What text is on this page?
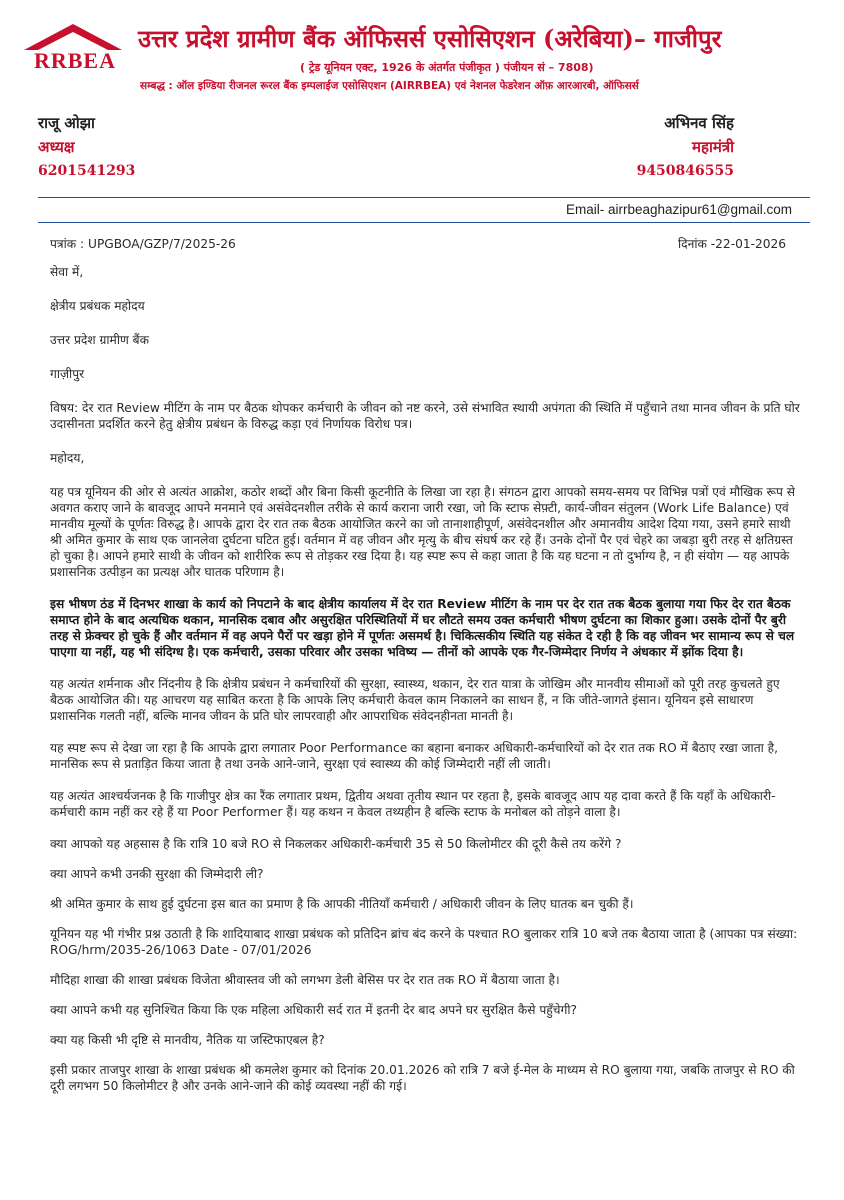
RRBEA
उत्तर प्रदेश ग्रामीण बैंक ऑफिसर्स एसोसिएशन (अरेबिया)– गाजीपुर
( ट्रेड यूनियन एक्ट, 1926 के अंतर्गत पंजीकृत ) पंजीयन सं – 7808)
सम्बद्ध : ऑल इण्डिया रीजनल रूरल बैंक इम्पलाईज एसोसिएशन (AIRRBEA) एवं नेशनल फेडरेशन ऑफ़ आरआरबी, ऑफिसर्स
राजू ओझा
अध्यक्ष
6201541293
अभिनव सिंह
महामंत्री
9450846555
Email- airrbeaghazipur61@gmail.com
पत्रांक : UPGBOA/GZP/7/2025-26	दिनांक -22-01-2026

सेवा में,

क्षेत्रीय प्रबंधक महोदय

उत्तर प्रदेश ग्रामीण बैंक

गाज़ीपुर

विषय: देर रात Review मीटिंग के नाम पर बैठक थोपकर कर्मचारी के जीवन को नष्ट करने, उसे संभावित स्थायी अपंगता की स्थिति में पहुँचाने तथा मानव जीवन के प्रति घोर उदासीनता प्रदर्शित करने हेतु क्षेत्रीय प्रबंधन के विरुद्ध कड़ा एवं निर्णायक विरोध पत्र।

महोदय,

यह पत्र यूनियन की ओर से अत्यंत आक्रोश, कठोर शब्दों और बिना किसी कूटनीति के लिखा जा रहा है। संगठन द्वारा आपको समय-समय पर विभिन्न पत्रों एवं मौखिक रूप से अवगत कराए जाने के बावजूद आपने मनमाने एवं असंवेदनशील तरीके से कार्य कराना जारी रखा, जो कि स्टाफ सेफ़्टी, कार्य-जीवन संतुलन (Work Life Balance) एवं मानवीय मूल्यों के पूर्णतः विरुद्ध है। आपके द्वारा देर रात तक बैठक आयोजित करने का जो तानाशाहीपूर्ण, असंवेदनशील और अमानवीय आदेश दिया गया, उसने हमारे साथी श्री अमित कुमार के साथ एक जानलेवा दुर्घटना घटित हुई। वर्तमान में वह जीवन और मृत्यु के बीच संघर्ष कर रहे हैं। उनके दोनों पैर एवं चेहरे का जबड़ा बुरी तरह से क्षतिग्रस्त हो चुका है। आपने हमारे साथी के जीवन को शारीरिक रूप से तोड़कर रख दिया है। यह स्पष्ट रूप से कहा जाता है कि यह घटना न तो दुर्भाग्य है, न ही संयोग — यह आपके प्रशासनिक उत्पीड़न का प्रत्यक्ष और घातक परिणाम है।

इस भीषण ठंड में दिनभर शाखा के कार्य को निपटाने के बाद क्षेत्रीय कार्यालय में देर रात Review मीटिंग के नाम पर देर रात तक बैठक बुलाया गया फिर देर रात बैठक समाप्त होने के बाद अत्यधिक थकान, मानसिक दबाव और असुरक्षित परिस्थितियों में घर लौटते समय उक्त कर्मचारी भीषण दुर्घटना का शिकार हुआ। उसके दोनों पैर बुरी तरह से फ्रेक्चर हो चुके हैं और वर्तमान में वह अपने पैरों पर खड़ा होने में पूर्णतः असमर्थ है। चिकित्सकीय स्थिति यह संकेत दे रही है कि वह जीवन भर सामान्य रूप से चल पाएगा या नहीं, यह भी संदिग्ध है। एक कर्मचारी, उसका परिवार और उसका भविष्य — तीनों को आपके एक गैर-जिम्मेदार निर्णय ने अंधकार में झोंक दिया है।

यह अत्यंत शर्मनाक और निंदनीय है कि क्षेत्रीय प्रबंधन ने कर्मचारियों की सुरक्षा, स्वास्थ्य, थकान, देर रात यात्रा के जोखिम और मानवीय सीमाओं को पूरी तरह कुचलते हुए बैठक आयोजित की। यह आचरण यह साबित करता है कि आपके लिए कर्मचारी केवल काम निकालने का साधन हैं, न कि जीते-जागते इंसान। यूनियन इसे साधारण प्रशासनिक गलती नहीं, बल्कि मानव जीवन के प्रति घोर लापरवाही और आपराधिक संवेदनहीनता मानती है।

यह स्पष्ट रूप से देखा जा रहा है कि आपके द्वारा लगातार Poor Performance का बहाना बनाकर अधिकारी-कर्मचारियों को देर रात तक RO में बैठाए रखा जाता है, मानसिक रूप से प्रताड़ित किया जाता है तथा उनके आने-जाने, सुरक्षा एवं स्वास्थ्य की कोई जिम्मेदारी नहीं ली जाती।

यह अत्यंत आश्चर्यजनक है कि गाजीपुर क्षेत्र का रैंक लगातार प्रथम, द्वितीय अथवा तृतीय स्थान पर रहता है, इसके बावजूद आप यह दावा करते हैं कि यहाँ के अधिकारी-कर्मचारी काम नहीं कर रहे हैं या Poor Performer हैं। यह कथन न केवल तथ्यहीन है बल्कि स्टाफ के मनोबल को तोड़ने वाला है।

क्या आपको यह अहसास है कि रात्रि 10 बजे RO से निकलकर अधिकारी-कर्मचारी 35 से 50 किलोमीटर की दूरी कैसे तय करेंगे ?

क्या आपने कभी उनकी सुरक्षा की जिम्मेदारी ली?

श्री अमित कुमार के साथ हुई दुर्घटना इस बात का प्रमाण है कि आपकी नीतियाँ कर्मचारी / अधिकारी जीवन के लिए घातक बन चुकी हैं।

यूनियन यह भी गंभीर प्रश्न उठाती है कि शादियाबाद शाखा प्रबंधक को प्रतिदिन ब्रांच बंद करने के पश्चात RO बुलाकर रात्रि 10 बजे तक बैठाया जाता है (आपका पत्र संख्या: ROG/hrm/2035-26/1063 Date - 07/01/2026

मौदिहा शाखा की शाखा प्रबंधक विजेता श्रीवास्तव जी को लगभग डेली बेसिस पर देर रात तक RO में बैठाया जाता है।

क्या आपने कभी यह सुनिश्चित किया कि एक महिला अधिकारी सर्द रात में इतनी देर बाद अपने घर सुरक्षित कैसे पहुँचेगी?

क्या यह किसी भी दृष्टि से मानवीय, नैतिक या जस्टिफाएबल है?

इसी प्रकार ताजपुर शाखा के शाखा प्रबंधक श्री कमलेश कुमार को दिनांक 20.01.2026 को रात्रि 7 बजे ई-मेल के माध्यम से RO बुलाया गया, जबकि ताजपुर से RO की दूरी लगभग 50 किलोमीटर है और उनके आने-जाने की कोई व्यवस्था नहीं की गई।
